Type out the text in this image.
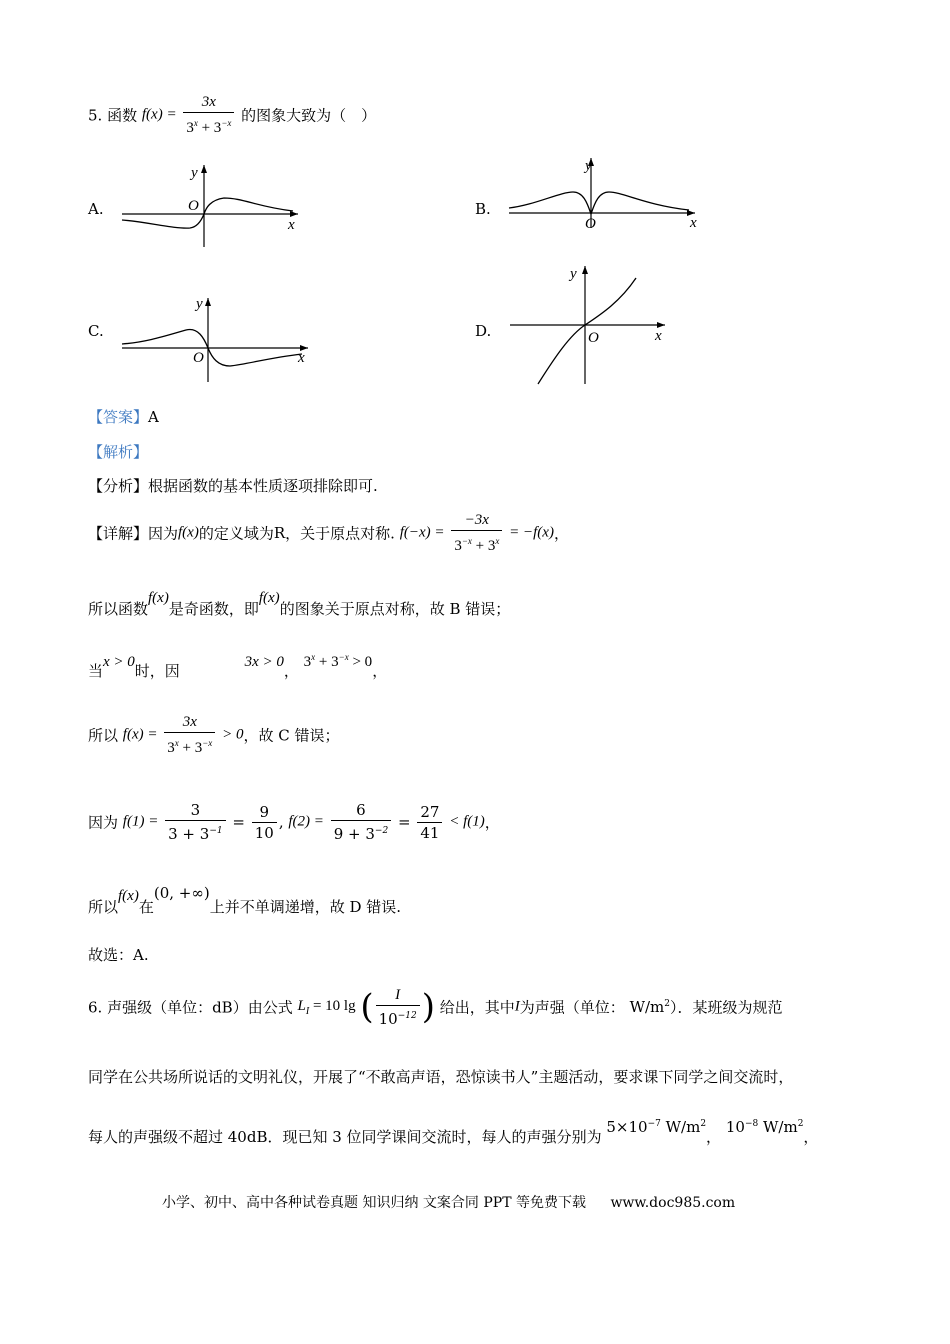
5. 函数 $f(x) = \frac{3x}{3^x + 3^{-x}}$ 的图象大致为（　）
A.	B.
C.	D.
y
O
x
y
O	x
y
O	x
y
O	x
【答案】A
【解析】
【分析】根据函数的基本性质逐项排除即可.
【详解】因为f(x)的定义域为R，关于原点对称. $f(-x) = \frac{-3x}{3^{-x} + 3^x} = -f(x)$，
所以函数f(x)是奇函数，即f(x)的图象关于原点对称，故 B 错误；
当x > 0时，因	3x > 0， $3^x + 3^{-x} > 0$，
所以 $f(x) = \frac{3x}{3^x + 3^{-x}} > 0$，故 C 错误；
因为 $f(1) = \frac{3}{3 + 3^{-1}} = \frac{9}{10}$ , $f(2) = \frac{6}{9 + 3^{-2}} = \frac{27}{41} < f(1)$，
所以f(x)在(0, +∞)上并不单调递增，故 D 错误.
故选：A.
6. 声强级（单位：dB）由公式 $L_I = 10$ lg ( $\frac{I}{10^{-12}}$ ) 给出，其中I为声强（单位： $W/m^2$）．某班级为规范
同学在公共场所说话的文明礼仪，开展了“不敢高声语，恐惊读书人”主题活动，要求课下同学之间交流时，
每人的声强级不超过 40dB．现已知 3 位同学课间交流时，每人的声强分别为 $5\times 10^{-7}$ $W/m^2$， $10^{-8}$ $W/m^2$，
小学、初中、高中各种试卷真题 知识归纳 文案合同 PPT 等免费下载 www.doc985.com
